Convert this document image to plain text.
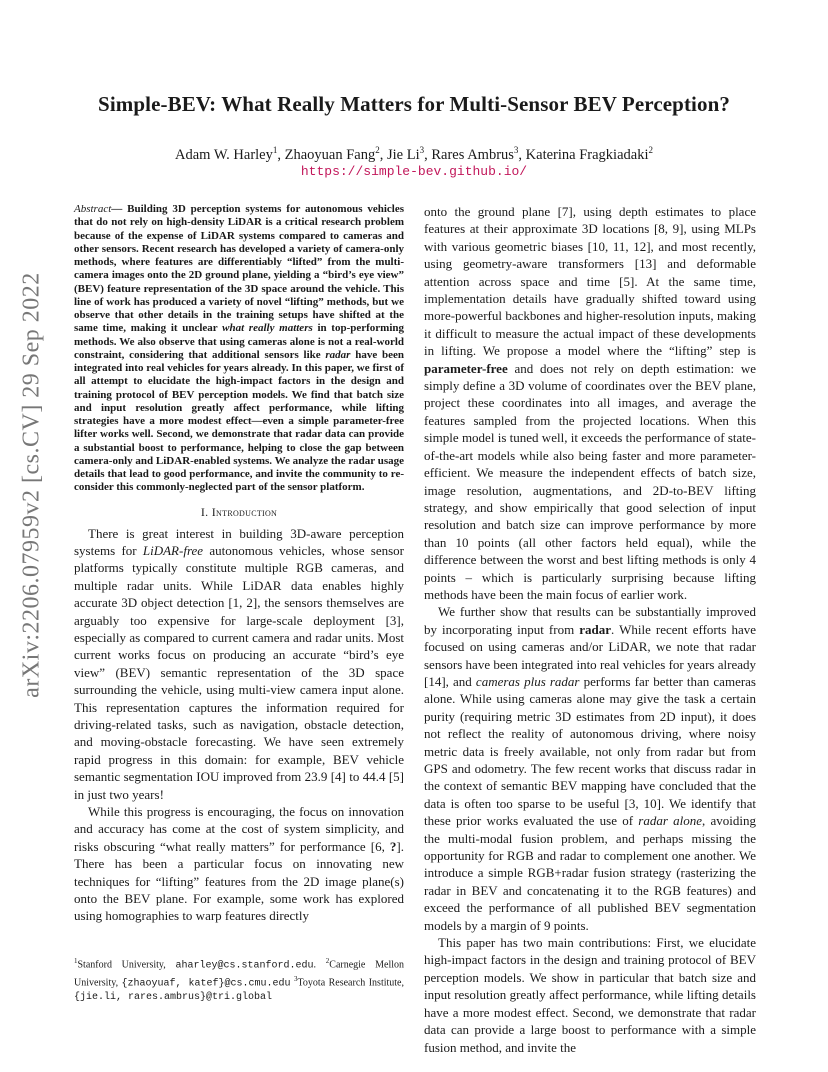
Simple-BEV: What Really Matters for Multi-Sensor BEV Perception?
Adam W. Harley$^1$, Zhaoyuan Fang$^2$, Jie Li$^3$, Rares Ambrus$^3$, Katerina Fragkiadaki$^2$
https://simple-bev.github.io/
arXiv:2206.07959v2 [cs.CV] 29 Sep 2022
Abstract— Building 3D perception systems for autonomous vehicles that do not rely on high-density LiDAR is a critical research problem because of the expense of LiDAR systems compared to cameras and other sensors. Recent research has developed a variety of camera-only methods, where features are differentiably “lifted” from the multi-camera images onto the 2D ground plane, yielding a “bird’s eye view” (BEV) feature representation of the 3D space around the vehicle. This line of work has produced a variety of novel “lifting” methods, but we observe that other details in the training setups have shifted at the same time, making it unclear what really matters in top-performing methods. We also observe that using cameras alone is not a real-world constraint, considering that additional sensors like radar have been integrated into real vehicles for years already. In this paper, we first of all attempt to elucidate the high-impact factors in the design and training protocol of BEV perception models. We find that batch size and input resolution greatly affect performance, while lifting strategies have a more modest effect—even a simple parameter-free lifter works well. Second, we demonstrate that radar data can provide a substantial boost to performance, helping to close the gap between camera-only and LiDAR-enabled systems. We analyze the radar usage details that lead to good performance, and invite the community to re-consider this commonly-neglected part of the sensor platform.
I. Introduction

There is great interest in building 3D-aware perception systems for LiDAR-free autonomous vehicles, whose sensor platforms typically constitute multiple RGB cameras, and multiple radar units. While LiDAR data enables highly accurate 3D object detection [1, 2], the sensors themselves are arguably too expensive for large-scale deployment [3], especially as compared to current camera and radar units. Most current works focus on producing an accurate “bird’s eye view” (BEV) semantic representation of the 3D space surrounding the vehicle, using multi-view camera input alone. This representation captures the information required for driving-related tasks, such as navigation, obstacle detection, and moving-obstacle forecasting. We have seen extremely rapid progress in this domain: for example, BEV vehicle semantic segmentation IOU improved from 23.9 [4] to 44.4 [5] in just two years!

While this progress is encouraging, the focus on innovation and accuracy has come at the cost of system simplicity, and risks obscuring “what really matters” for performance [6, ?]. There has been a particular focus on innovating new techniques for “lifting” features from the 2D image plane(s) onto the BEV plane. For example, some work has explored using homographies to warp features directly

onto the ground plane [7], using depth estimates to place features at their approximate 3D locations [8, 9], using MLPs with various geometric biases [10, 11, 12], and most recently, using geometry-aware transformers [13] and deformable attention across space and time [5]. At the same time, implementation details have gradually shifted toward using more-powerful backbones and higher-resolution inputs, making it difficult to measure the actual impact of these developments in lifting. We propose a model where the “lifting” step is parameter-free and does not rely on depth estimation: we simply define a 3D volume of coordinates over the BEV plane, project these coordinates into all images, and average the features sampled from the projected locations. When this simple model is tuned well, it exceeds the performance of state-of-the-art models while also being faster and more parameter-efficient. We measure the independent effects of batch size, image resolution, augmentations, and 2D-to-BEV lifting strategy, and show empirically that good selection of input resolution and batch size can improve performance by more than 10 points (all other factors held equal), while the difference between the worst and best lifting methods is only 4 points – which is particularly surprising because lifting methods have been the main focus of earlier work.

We further show that results can be substantially improved by incorporating input from radar. While recent efforts have focused on using cameras and/or LiDAR, we note that radar sensors have been integrated into real vehicles for years already [14], and cameras plus radar performs far better than cameras alone. While using cameras alone may give the task a certain purity (requiring metric 3D estimates from 2D input), it does not reflect the reality of autonomous driving, where noisy metric data is freely available, not only from radar but from GPS and odometry. The few recent works that discuss radar in the context of semantic BEV mapping have concluded that the data is often too sparse to be useful [3, 10]. We identify that these prior works evaluated the use of radar alone, avoiding the multi-modal fusion problem, and perhaps missing the opportunity for RGB and radar to complement one another. We introduce a simple RGB+radar fusion strategy (rasterizing the radar in BEV and concatenating it to the RGB features) and exceed the performance of all published BEV segmentation models by a margin of 9 points.

This paper has two main contributions: First, we elucidate high-impact factors in the design and training protocol of BEV perception models. We show in particular that batch size and input resolution greatly affect performance, while lifting details have a more modest effect. Second, we demonstrate that radar data can provide a large boost to performance with a simple fusion method, and invite the

$^1$Stanford University, aharley@cs.stanford.edu. $^2$Carnegie Mellon University, {zhaoyuaf, katef}@cs.cmu.edu $^3$Toyota Research Institute, {jie.li, rares.ambrus}@tri.global
